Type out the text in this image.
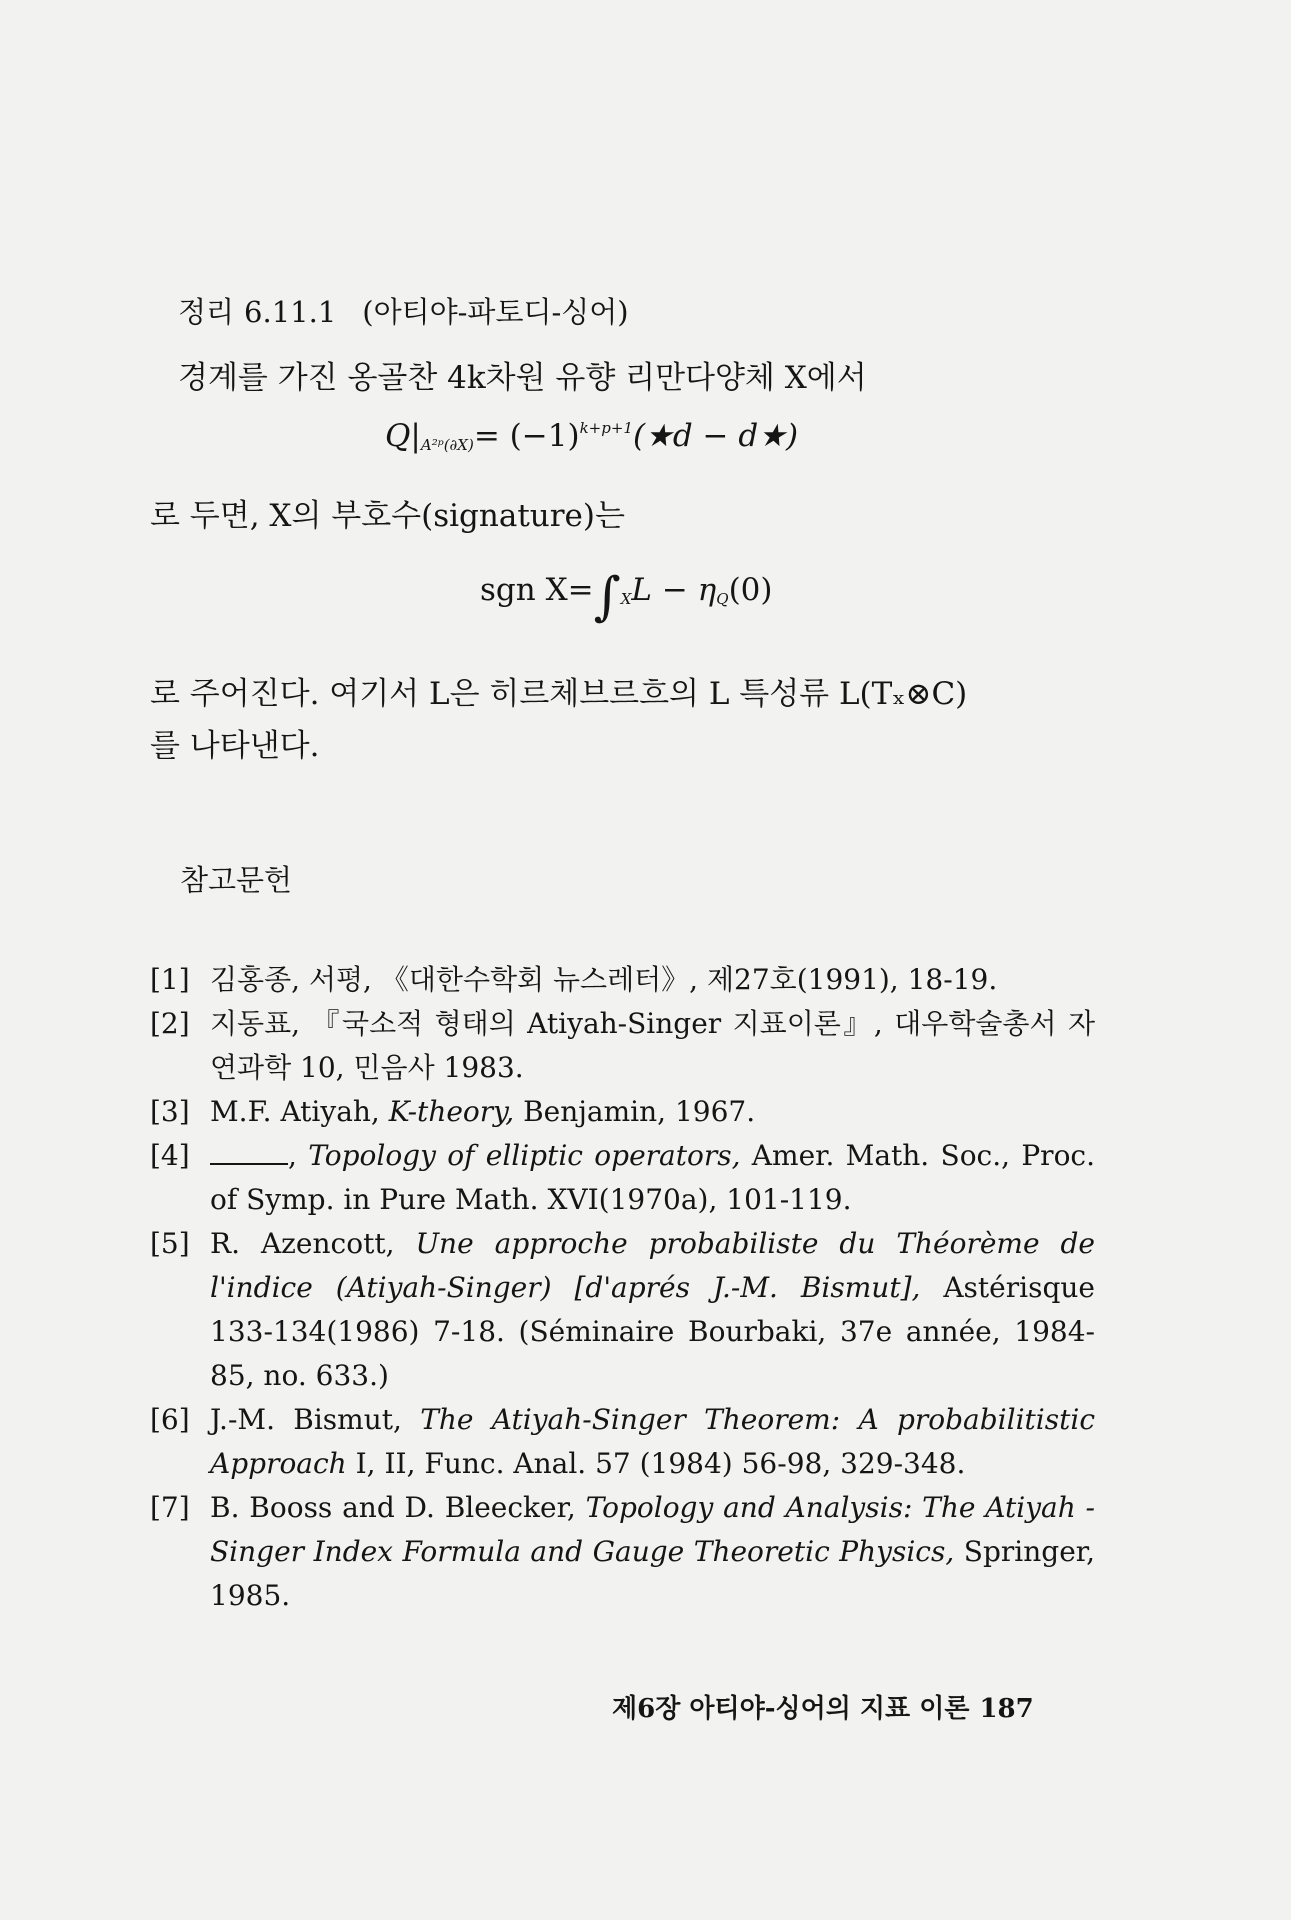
정리 6.11.1 (아티야-파토디-싱어)
경계를 가진 옹골찬 4k차원 유향 리만다양체 X에서
$Q|_{A^2ᵖ(\partial X)}=$ $(-1)^{k+p+1}(★d$ − d★)
로 두면, X의 부호수(signature)는
sgn $X=\int_XL - \eta_Q(0)$
로 주어진다. 여기서 L은 히르체브르흐의 L 특성류 L(Tₓ⊗C)
를 나타낸다.
참고문헌
[1] 김홍종, 서평, 《대한수학회 뉴스레터》, 제27호(1991), 18-19.
[2] 지동표, 『국소적 형태의 Atiyah-Singer 지표이론』, 대우학술총서 자연과학 10, 민음사 1983.
[3] M.F. Atiyah, K-theory, Benjamin, 1967.
[4]	, Topology of elliptic operators, Amer. Math. Soc., Proc. of Symp. in Pure Math. XVI(1970a), 101-119.
[5] R. Azencott, Une approche probabiliste du Théorème de l'indice (Atiyah-Singer) [d'aprés J.-M. Bismut], Astérisque 133-134(1986) 7-18. (Séminaire Bourbaki, 37e année, 1984-85, no. 633.)
[6] J.-M. Bismut, The Atiyah-Singer Theorem: A probabilitistic Approach I, II, Func. Anal. 57 (1984) 56-98, 329-348.
[7] B. Booss and D. Bleecker, Topology and Analysis: The Atiyah -Singer Index Formula and Gauge Theoretic Physics, Springer, 1985.
제6장 아티야-싱어의 지표 이론 187
